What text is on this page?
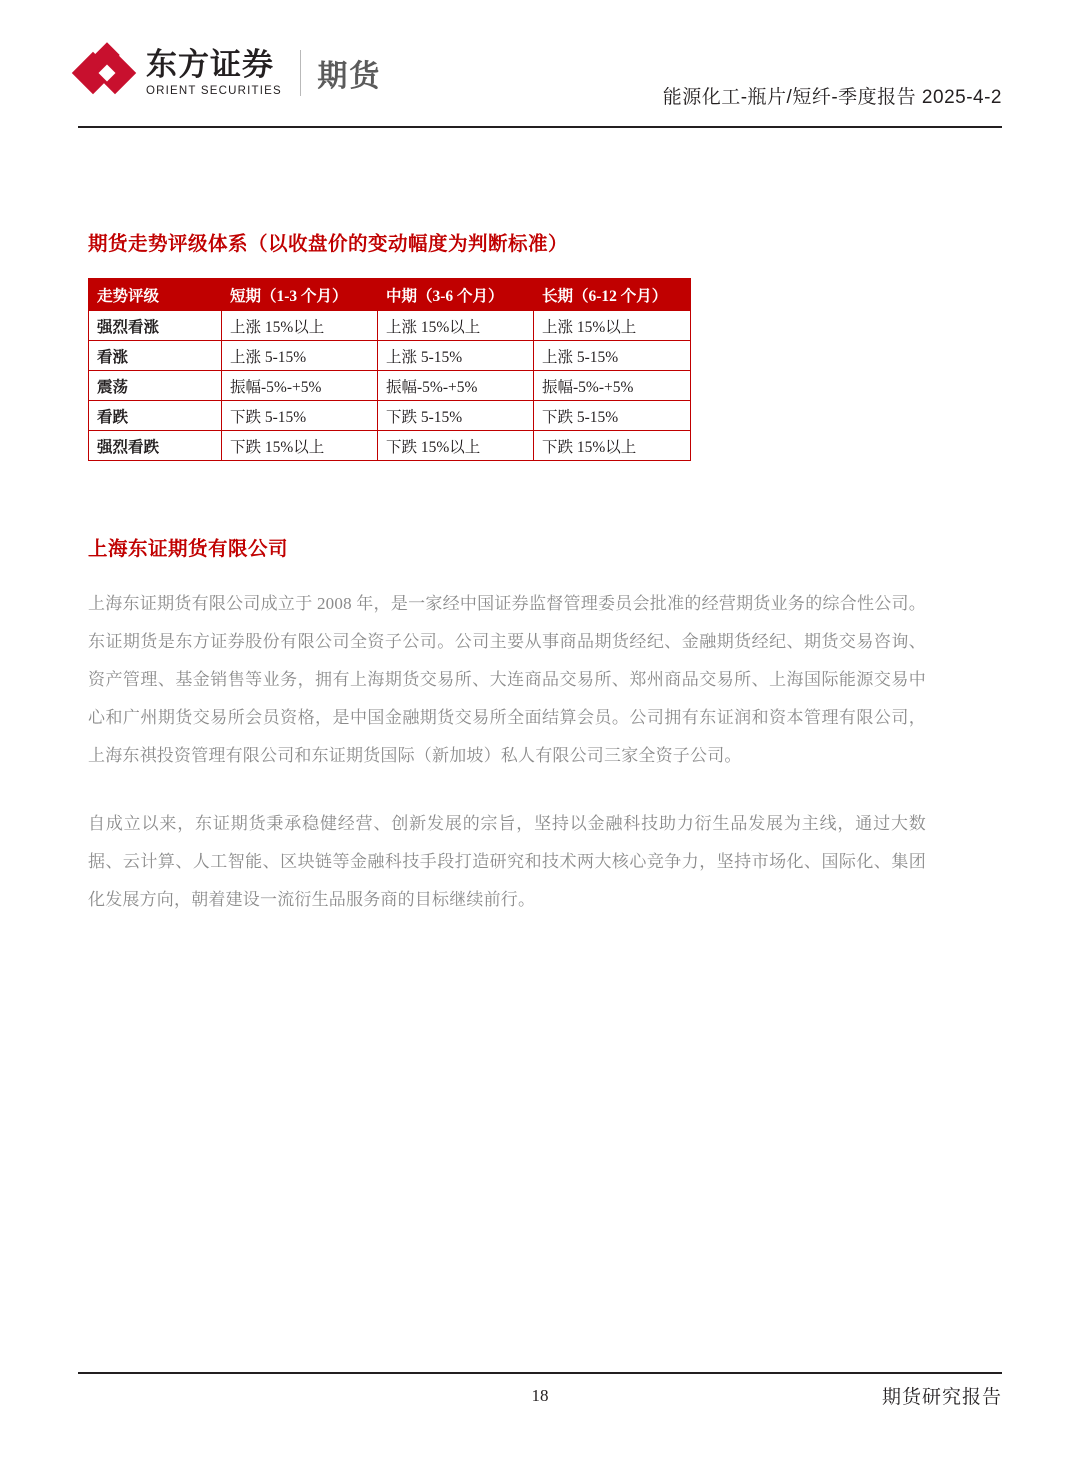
东方证券
ORIENT SECURITIES 期货
能源化工-瓶片/短纤-季度报告 2025-4-2
期货走势评级体系（以收盘价的变动幅度为判断标准）
走势评级	短期（1-3 个月）	中期（3-6 个月）	长期（6-12 个月）
强烈看涨	上涨 15%以上	上涨 15%以上	上涨 15%以上
看涨	上涨 5-15%	上涨 5-15%	上涨 5-15%
震荡	振幅-5%-+5%	振幅-5%-+5%	振幅-5%-+5%
看跌	下跌 5-15%	下跌 5-15%	下跌 5-15%
强烈看跌	下跌 15%以上	下跌 15%以上	下跌 15%以上
上海东证期货有限公司

上海东证期货有限公司成立于 2008 年，是一家经中国证券监督管理委员会批准的经营期货业务的综合性公司。东证期货是东方证券股份有限公司全资子公司。公司主要从事商品期货经纪、金融期货经纪、期货交易咨询、资产管理、基金销售等业务，拥有上海期货交易所、大连商品交易所、郑州商品交易所、上海国际能源交易中心和广州期货交易所会员资格，是中国金融期货交易所全面结算会员。公司拥有东证润和资本管理有限公司，上海东祺投资管理有限公司和东证期货国际（新加坡）私人有限公司三家全资子公司。

自成立以来，东证期货秉承稳健经营、创新发展的宗旨，坚持以金融科技助力衍生品发展为主线，通过大数据、云计算、人工智能、区块链等金融科技手段打造研究和技术两大核心竞争力，坚持市场化、国际化、集团化发展方向，朝着建设一流衍生品服务商的目标继续前行。

18	期货研究报告
